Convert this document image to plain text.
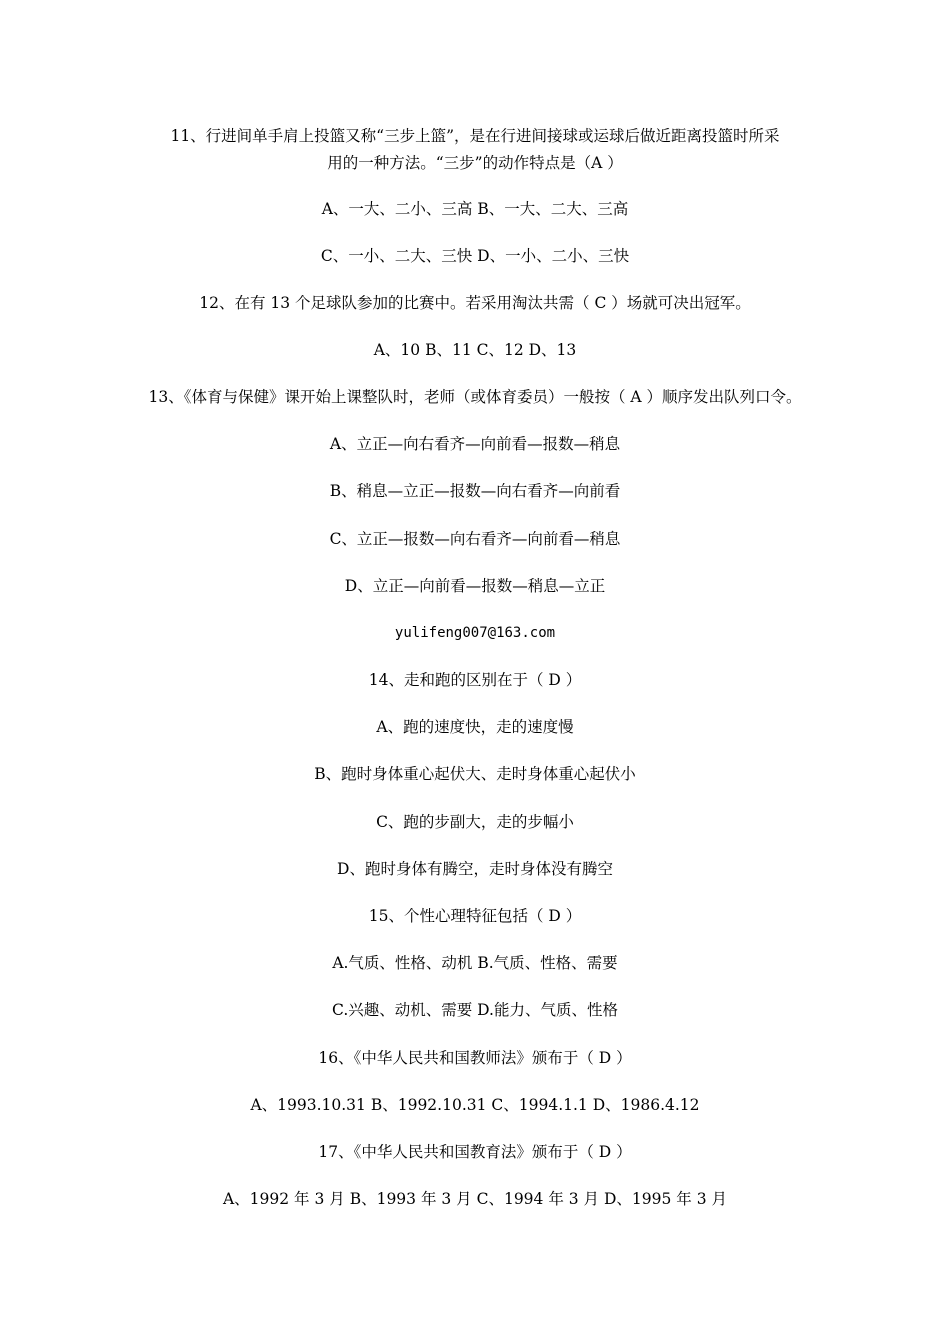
11、行进间单手肩上投篮又称“三步上篮”，是在行进间接球或运球后做近距离投篮时所采
用的一种方法。“三步”的动作特点是（A ）
A、一大、二小、三高 B、一大、二大、三高
C、一小、二大、三快 D、一小、二小、三快
12、在有 13 个足球队参加的比赛中。若采用淘汰共需（ C ）场就可决出冠军。
A、10 B、11 C、12 D、13
13、《体育与保健》课开始上课整队时，老师（或体育委员）一般按（ A ）顺序发出队列口令。
A、立正—向右看齐—向前看—报数—稍息
B、稍息—立正—报数—向右看齐—向前看
C、立正—报数—向右看齐—向前看—稍息
D、立正—向前看—报数—稍息—立正
yulifeng007@163.com
14、走和跑的区别在于（ D ）
A、跑的速度快，走的速度慢
B、跑时身体重心起伏大、走时身体重心起伏小
C、跑的步副大，走的步幅小
D、跑时身体有腾空，走时身体没有腾空
15、个性心理特征包括（ D ）
A.气质、性格、动机 B.气质、性格、需要
C.兴趣、动机、需要 D.能力、气质、性格
16、《中华人民共和国教师法》颁布于（ D ）
A、1993.10.31 B、1992.10.31 C、1994.1.1 D、1986.4.12
17、《中华人民共和国教育法》颁布于（ D ）
A、1992 年 3 月 B、1993 年 3 月 C、1994 年 3 月 D、1995 年 3 月
